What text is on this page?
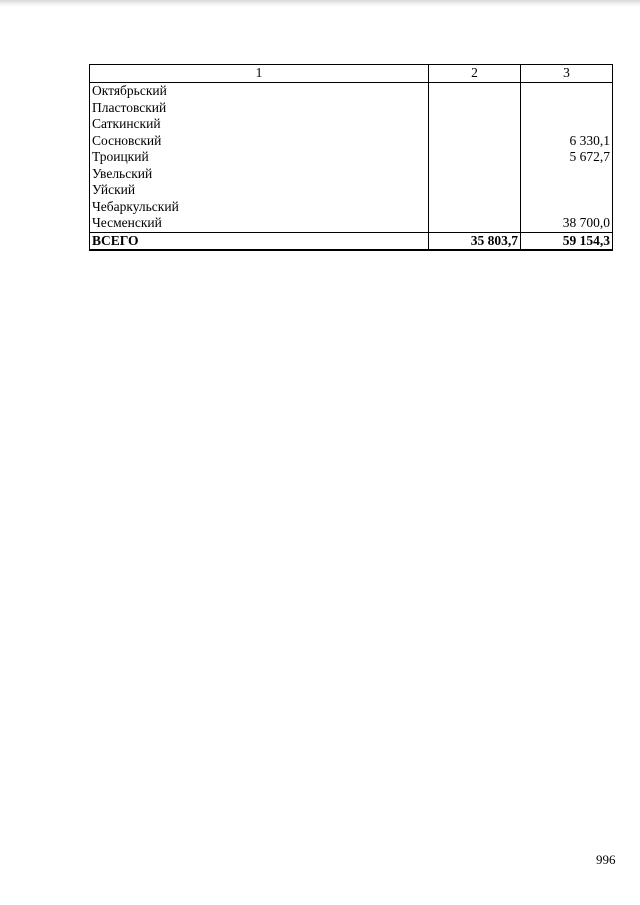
1	2	3
Октябрьский		
Пластовский		
Саткинский		
Сосновский		6 330,1
Троицкий		5 672,7
Увельский		
Уйский		
Чебаркульский		
Чесменский		38 700,0
ВСЕГО	35 803,7	59 154,3
996
